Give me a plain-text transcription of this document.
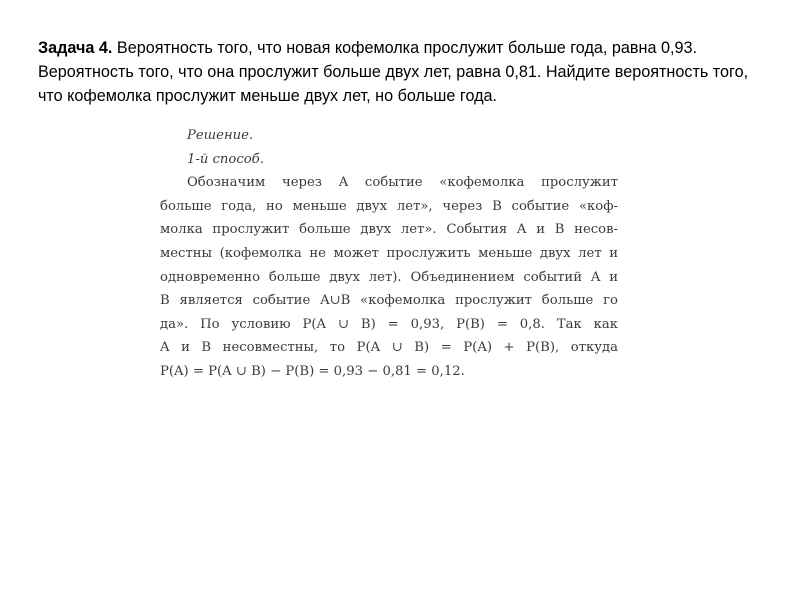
Задача 4. Вероятность того, что новая кофемолка прослужит больше года, равна 0,93. Вероятность того, что она прослужит больше двух лет, равна 0,81. Найдите вероятность того, что кофемолка прослужит меньше двух лет, но больше года.

Решение.

1-й способ.

Обозначим через A событие «кофемолка прослужит
больше года, но меньше двух лет», через B событие «коф-
молка прослужит больше двух лет». События A и B несов-
местны (кофемолка не может прослужить меньше двух лет и
одновременно больше двух лет). Объединением событий A и
B является событие A∪B «кофемолка прослужит больше го
да». По условию P(A ∪ B) = 0,93, P(B) = 0,8. Так как
A и B несовместны, то P(A ∪ B) = P(A) + P(B), откуда
P(A) = P(A ∪ B) − P(B) = 0,93 − 0,81 = 0,12.
